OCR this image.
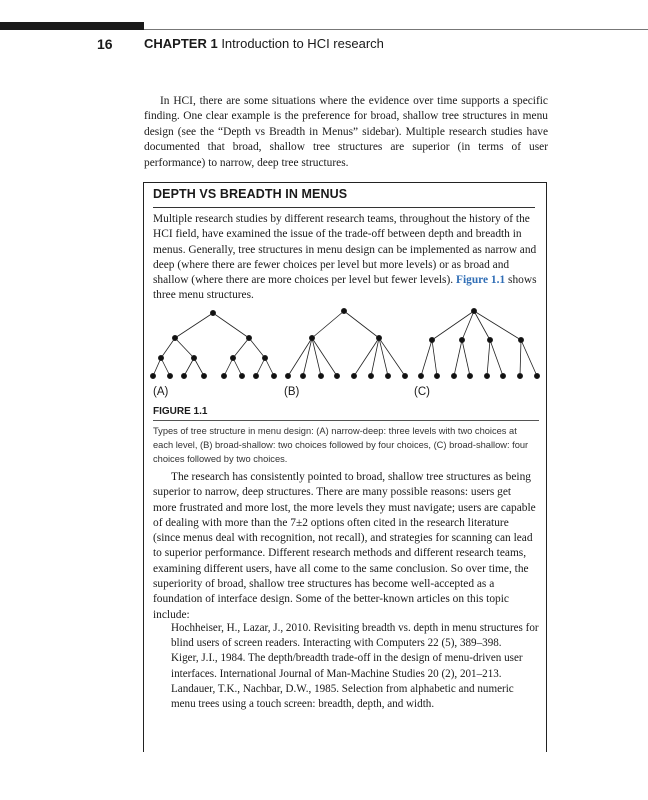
16 CHAPTER 1 Introduction to HCI research

In HCI, there are some situations where the evidence over time supports a specific finding. One clear example is the preference for broad, shallow tree structures in menu design (see the “Depth vs Breadth in Menus” sidebar). Multiple research studies have documented that broad, shallow tree structures are superior (in terms of user performance) to narrow, deep tree structures.

DEPTH VS BREADTH IN MENUS

Multiple research studies by different research teams, throughout the history of the HCI field, have examined the issue of the trade-off between depth and breadth in menus. Generally, tree structures in menu design can be implemented as narrow and deep (where there are fewer choices per level but more levels) or as broad and shallow (where there are more choices per level but fewer levels). Figure 1.1 shows three menu structures.

(A)	(B)	(C)
FIGURE 1.1

Types of tree structure in menu design: (A) narrow-deep: three levels with two choices at each level, (B) broad-shallow: two choices followed by four choices, (C) broad-shallow: four choices followed by two choices.

The research has consistently pointed to broad, shallow tree structures as being superior to narrow, deep structures. There are many possible reasons: users get more frustrated and more lost, the more levels they must navigate; users are capable of dealing with more than the 7±2 options often cited in the research literature (since menus deal with recognition, not recall), and strategies for scanning can lead to superior performance. Different research methods and different research teams, examining different users, have all come to the same conclusion. So over time, the superiority of broad, shallow tree structures has become well-accepted as a foundation of interface design. Some of the better-known articles on this topic include:

Hochheiser, H., Lazar, J., 2010. Revisiting breadth vs. depth in menu structures for blind users of screen readers. Interacting with Computers 22 (5), 389–398.
Kiger, J.I., 1984. The depth/breadth trade-off in the design of menu-driven user interfaces. International Journal of Man-Machine Studies 20 (2), 201–213.
Landauer, T.K., Nachbar, D.W., 1985. Selection from alphabetic and numeric menu trees using a touch screen: breadth, depth, and width.
